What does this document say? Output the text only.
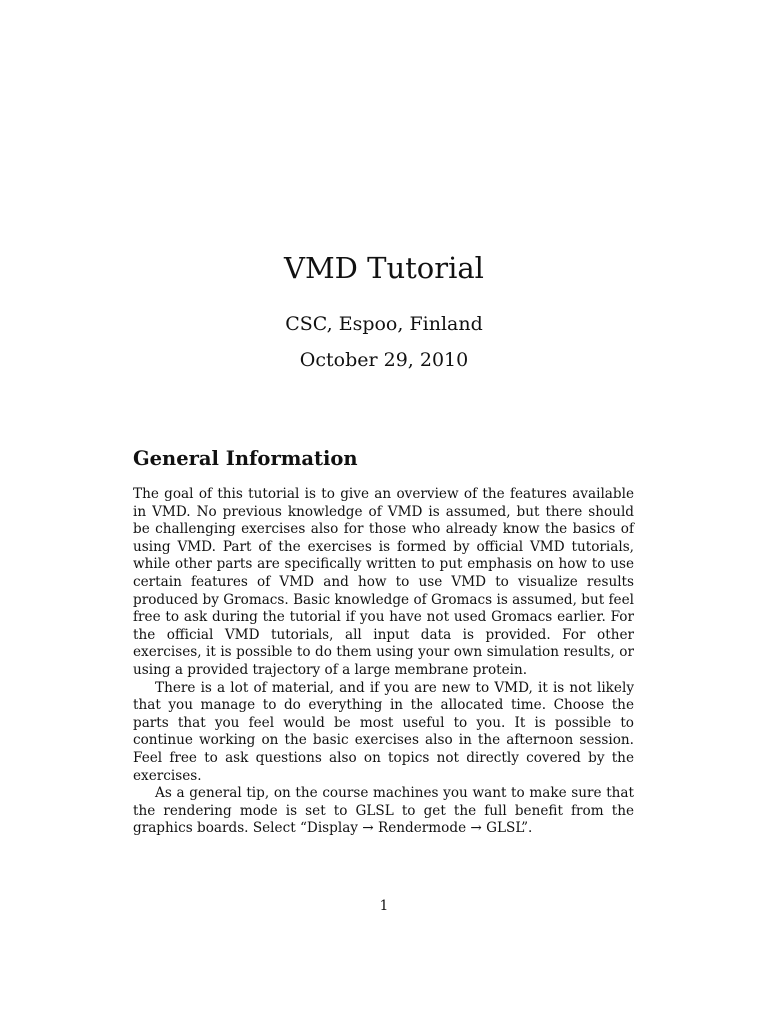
VMD Tutorial
CSC, Espoo, Finland
October 29, 2010
General Information

The goal of this tutorial is to give an overview of the features available in VMD. No previous knowledge of VMD is assumed, but there should be challenging exercises also for those who already know the basics of using VMD. Part of the exercises is formed by official VMD tutorials, while other parts are specifically written to put emphasis on how to use certain features of VMD and how to use VMD to visualize results produced by Gromacs. Basic knowledge of Gromacs is assumed, but feel free to ask during the tutorial if you have not used Gromacs earlier. For the official VMD tutorials, all input data is provided. For other exercises, it is possible to do them using your own simulation results, or using a provided trajectory of a large membrane protein.

There is a lot of material, and if you are new to VMD, it is not likely that you manage to do everything in the allocated time. Choose the parts that you feel would be most useful to you. It is possible to continue working on the basic exercises also in the afternoon session. Feel free to ask questions also on topics not directly covered by the exercises.

As a general tip, on the course machines you want to make sure that the rendering mode is set to GLSL to get the full benefit from the graphics boards. Select “Display → Rendermode → GLSL”.

1
